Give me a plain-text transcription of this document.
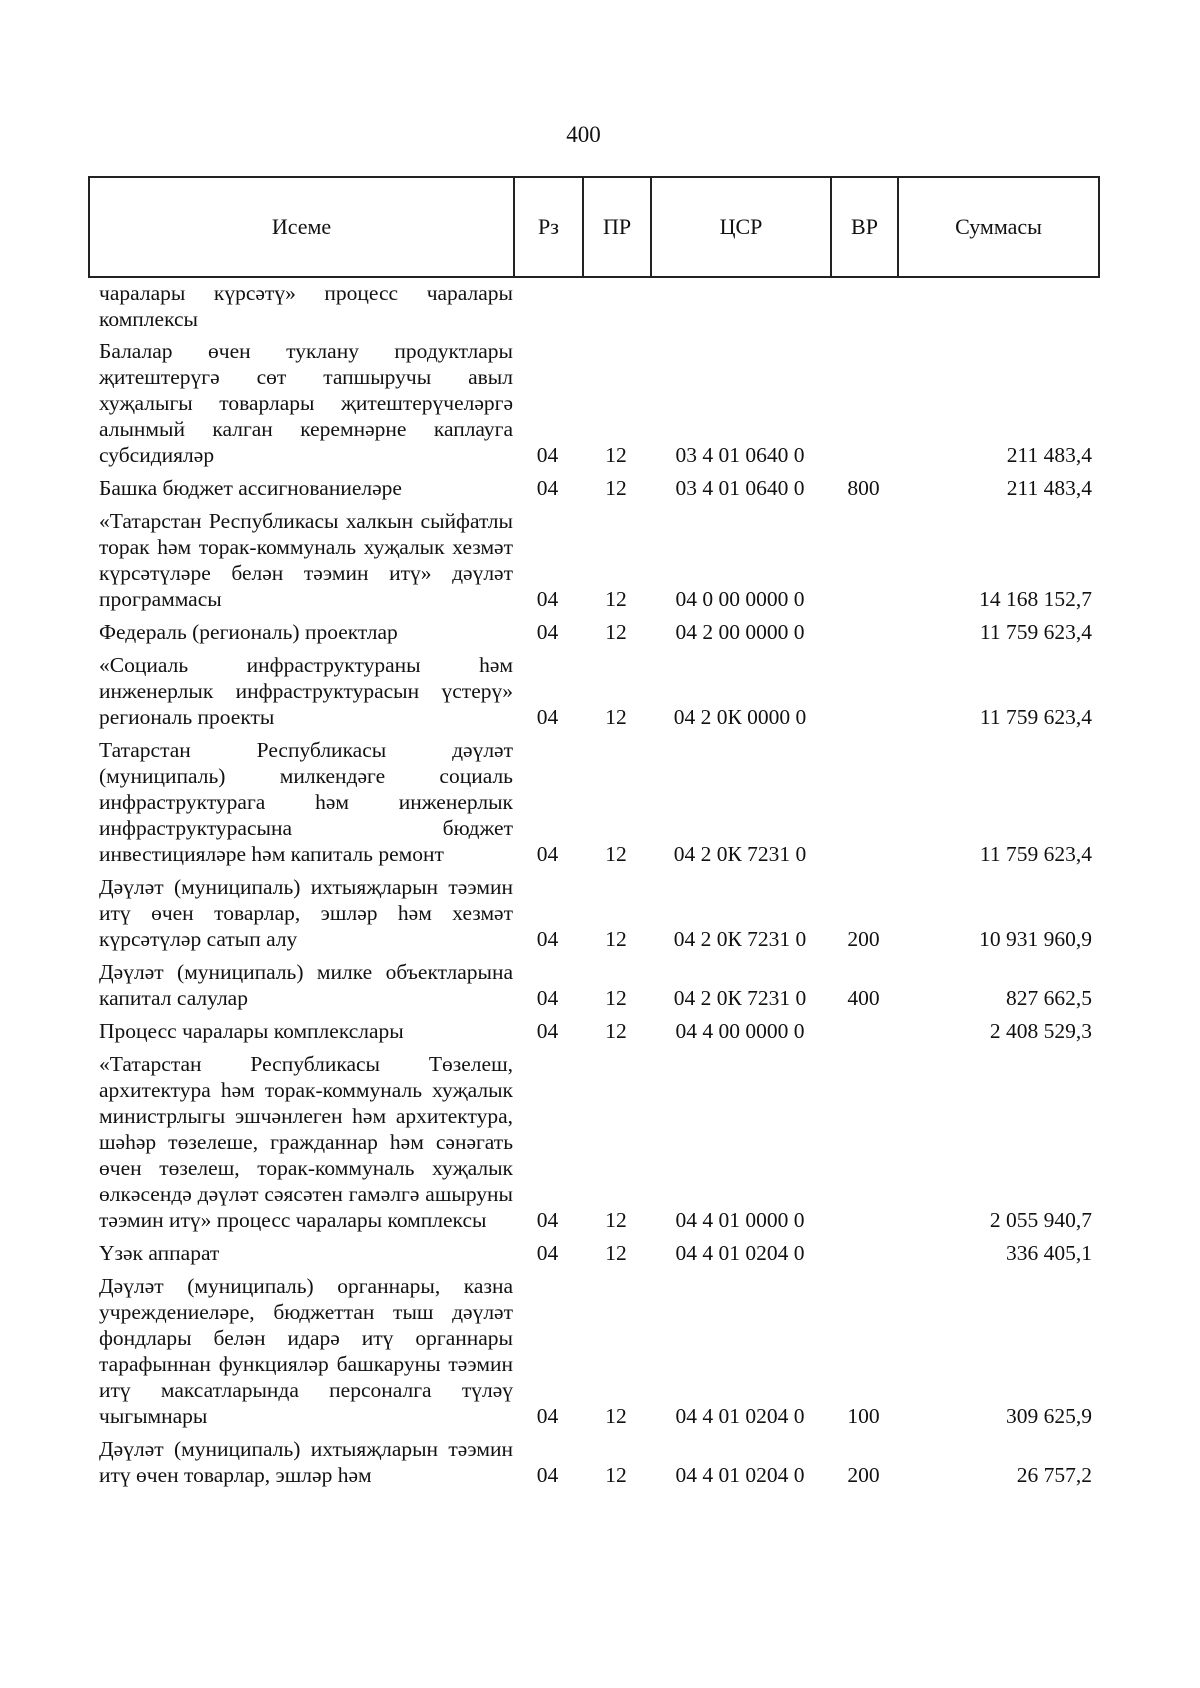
400
Исеме	Рз	ПР	ЦСР	ВР	Суммасы
чаралары күрсәтү» процесс чаралары комплексы					
Балалар өчен туклану продуктлары җитештерүгә сөт тапшыручы авыл хуҗалыгы товарлары җитештерүчеләргә алынмый калган керемнәрне каплауга субсидияләр	04	12	03 4 01 0640 0		211 483,4
Башка бюджет ассигнованиеләре	04	12	03 4 01 0640 0	800	211 483,4
«Татарстан Республикасы халкын сыйфатлы торак һәм торак-коммуналь хуҗалык хезмәт күрсәтүләре белән тәэмин итү» дәүләт программасы	04	12	04 0 00 0000 0		14 168 152,7
Федераль (региональ) проектлар	04	12	04 2 00 0000 0		11 759 623,4
«Социаль инфраструктураны һәм инженерлык инфраструктурасын үстерү» региональ проекты	04	12	04 2 0К 0000 0		11 759 623,4
Татарстан Республикасы дәүләт (муниципаль) милкендәге социаль инфраструктурага һәм инженерлык инфраструктурасына бюджет инвестицияләре һәм капиталь ремонт	04	12	04 2 0К 7231 0		11 759 623,4
Дәүләт (муниципаль) ихтыяҗларын тәэмин итү өчен товарлар, эшләр һәм хезмәт күрсәтүләр сатып алу	04	12	04 2 0К 7231 0	200	10 931 960,9
Дәүләт (муниципаль) милке объектларына капитал салулар	04	12	04 2 0К 7231 0	400	827 662,5
Процесс чаралары комплекслары	04	12	04 4 00 0000 0		2 408 529,3
«Татарстан Республикасы Төзелеш, архитектура һәм торак-коммуналь хуҗалык министрлыгы эшчәнлеген һәм архитектура, шәһәр төзелеше, гражданнар һәм сәнәгать өчен төзелеш, торак-коммуналь хуҗалык өлкәсендә дәүләт сәясәтен гамәлгә ашыруны тәэмин итү» процесс чаралары комплексы	04	12	04 4 01 0000 0		2 055 940,7
Үзәк аппарат	04	12	04 4 01 0204 0		336 405,1
Дәүләт (муниципаль) органнары, казна учреждениеләре, бюджеттан тыш дәүләт фондлары белән идарә итү органнары тарафыннан функцияләр башкаруны тәэмин итү максатларында персоналга түләү чыгымнары	04	12	04 4 01 0204 0	100	309 625,9
Дәүләт (муниципаль) ихтыяҗларын тәэмин итү өчен товарлар, эшләр һәм	04	12	04 4 01 0204 0	200	26 757,2
